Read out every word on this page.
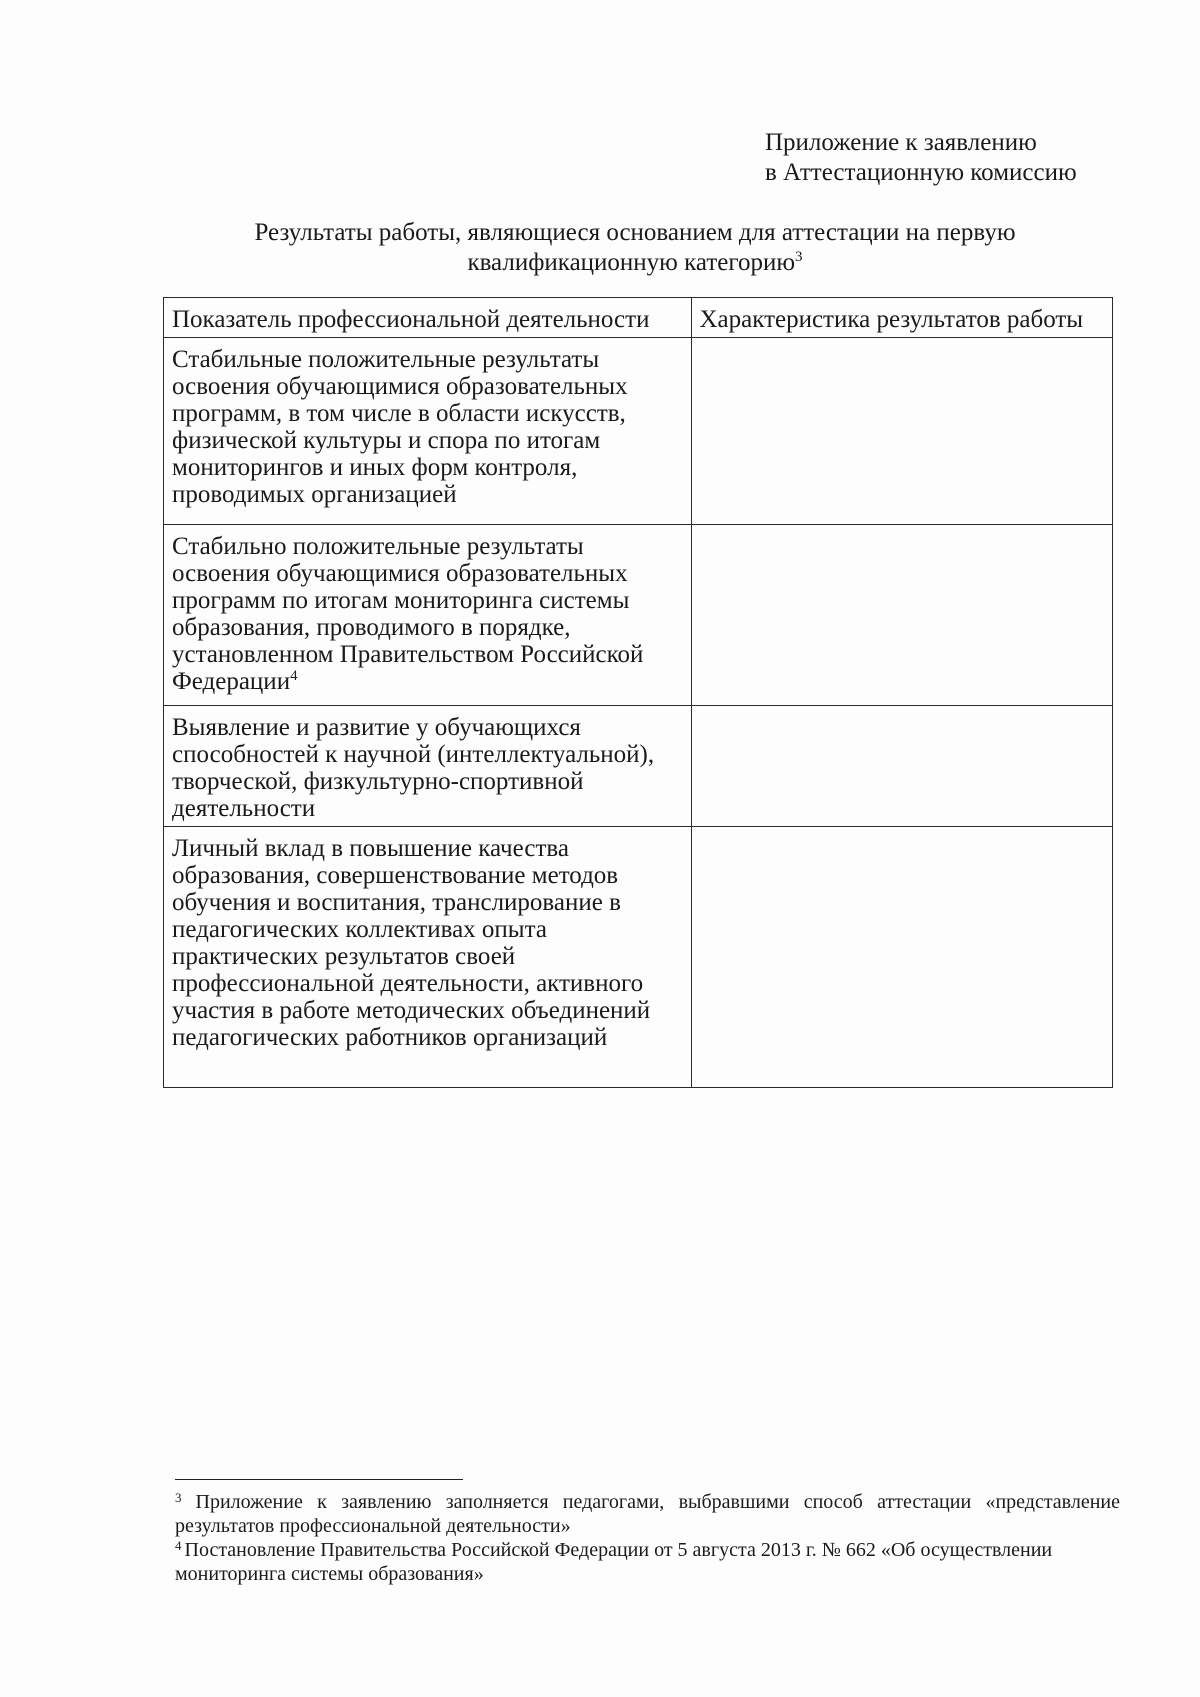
Приложение к заявлению
в Аттестационную комиссию
Результаты работы, являющиеся основанием для аттестации на первую
квалификационную категорию$^3$
Показатель профессиональной деятельности	Характеристика результатов работы
Стабильные положительные результаты освоения обучающимися образовательных программ, в том числе в области искусств, физической культуры и спора по итогам мониторингов и иных форм контроля, проводимых организацией	
Стабильно положительные результаты освоения обучающимися образовательных программ по итогам мониторинга системы образования, проводимого в порядке, установленном Правительством Российской Федерации$^4$	
Выявление и развитие у обучающихся способностей к научной (интеллектуальной), творческой, физкультурно-спортивной деятельности	
Личный вклад в повышение качества образования, совершенствование методов обучения и воспитания, транслирование в педагогических коллективах опыта практических результатов своей профессиональной деятельности, активного участия в работе методических объединений педагогических работников организаций	

$^3$ Приложение к заявлению заполняется педагогами, выбравшими способ аттестации «представление результатов профессиональной деятельности»

$^4$ Постановление Правительства Российской Федерации от 5 августа 2013 г. № 662 «Об осуществлении мониторинга системы образования»
